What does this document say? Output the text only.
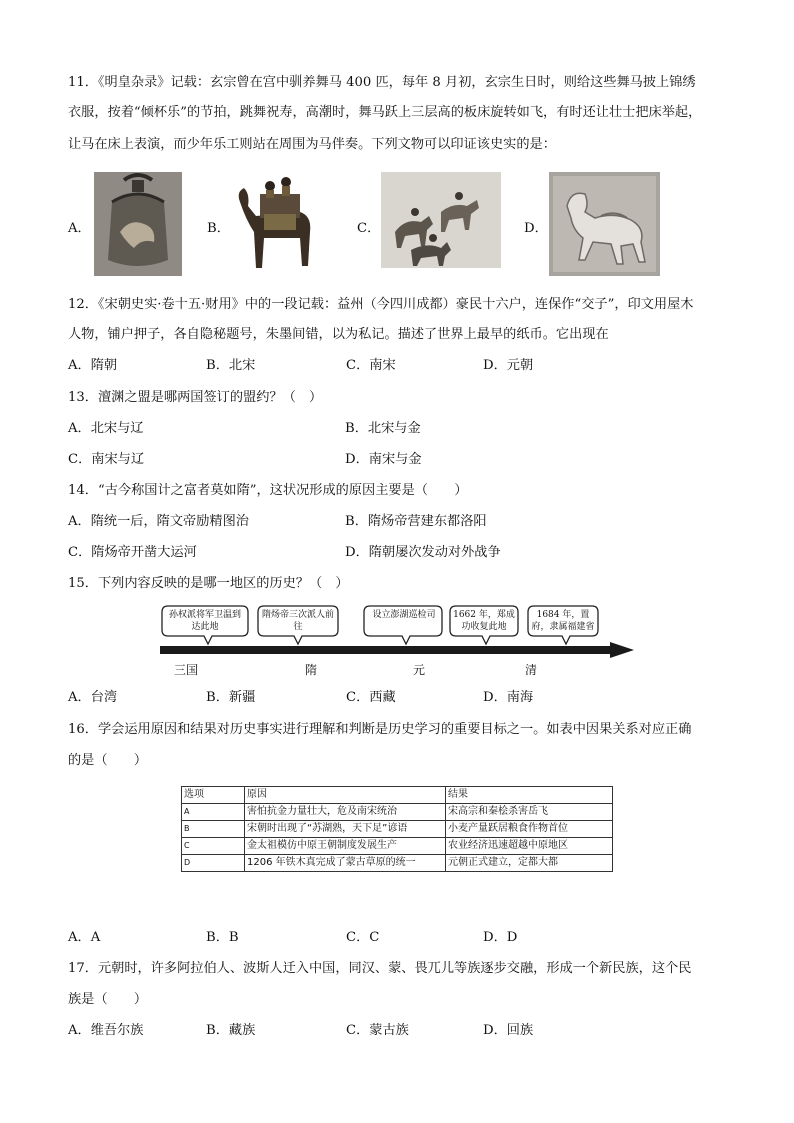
11．《明皇杂录》记载：玄宗曾在宫中驯养舞马 400 匹，每年 8 月初，玄宗生日时，则给这些舞马披上锦绣
衣服，按着“倾杯乐”的节拍，跳舞祝寿，高潮时，舞马跃上三层高的板床旋转如飞，有时还让壮士把床举起，
让马在床上表演，而少年乐工则站在周围为马伴奏。下列文物可以印证该史实的是：
A．	B．	C．	D．
12．《宋朝史实·卷十五·财用》中的一段记载：益州（今四川成都）豪民十六户，连保作“交子”，印文用屋木
人物，铺户押子，各自隐秘题号，朱墨间错，以为私记。描述了世界上最早的纸币。它出现在
A．隋朝	B．北宋	C．南宋	D．元朝
13．澶渊之盟是哪两国签订的盟约？（　）
A．北宋与辽	B．北宋与金
C．南宋与辽	D．南宋与金
14．“古今称国计之富者莫如隋”，这状况形成的原因主要是（　　）
A．隋统一后，隋文帝励精图治	B．隋炀帝营建东都洛阳
C．隋炀帝开凿大运河	D．隋朝屡次发动对外战争
15．下列内容反映的是哪一地区的历史？（　）
孙权派将军卫温到达此地
隋炀帝三次派人前往
设立澎湖巡检司 1662 年，郑成功收复此地
1684 年，置府，隶属福建省
三国	隋	元	清
A．台湾	B．新疆	C．西藏	D．南海
16．学会运用原因和结果对历史事实进行理解和判断是历史学习的重要目标之一。如表中因果关系对应正确
的是（　　）
选项	原因	结果
A	害怕抗金力量壮大，危及南宋统治	宋高宗和秦桧杀害岳飞
B	宋朝时出现了“苏湖熟，天下足”谚语	小麦产量跃居粮食作物首位
C	金太祖模仿中原王朝制度发展生产	农业经济迅速超越中原地区
D	1206 年铁木真完成了蒙古草原的统一	元朝正式建立，定都大都
A．A	B．B	C．C	D．D
17．元朝时，许多阿拉伯人、波斯人迁入中国，同汉、蒙、畏兀儿等族逐步交融，形成一个新民族，这个民
族是（　　）
A．维吾尔族	B．藏族	C．蒙古族	D．回族
